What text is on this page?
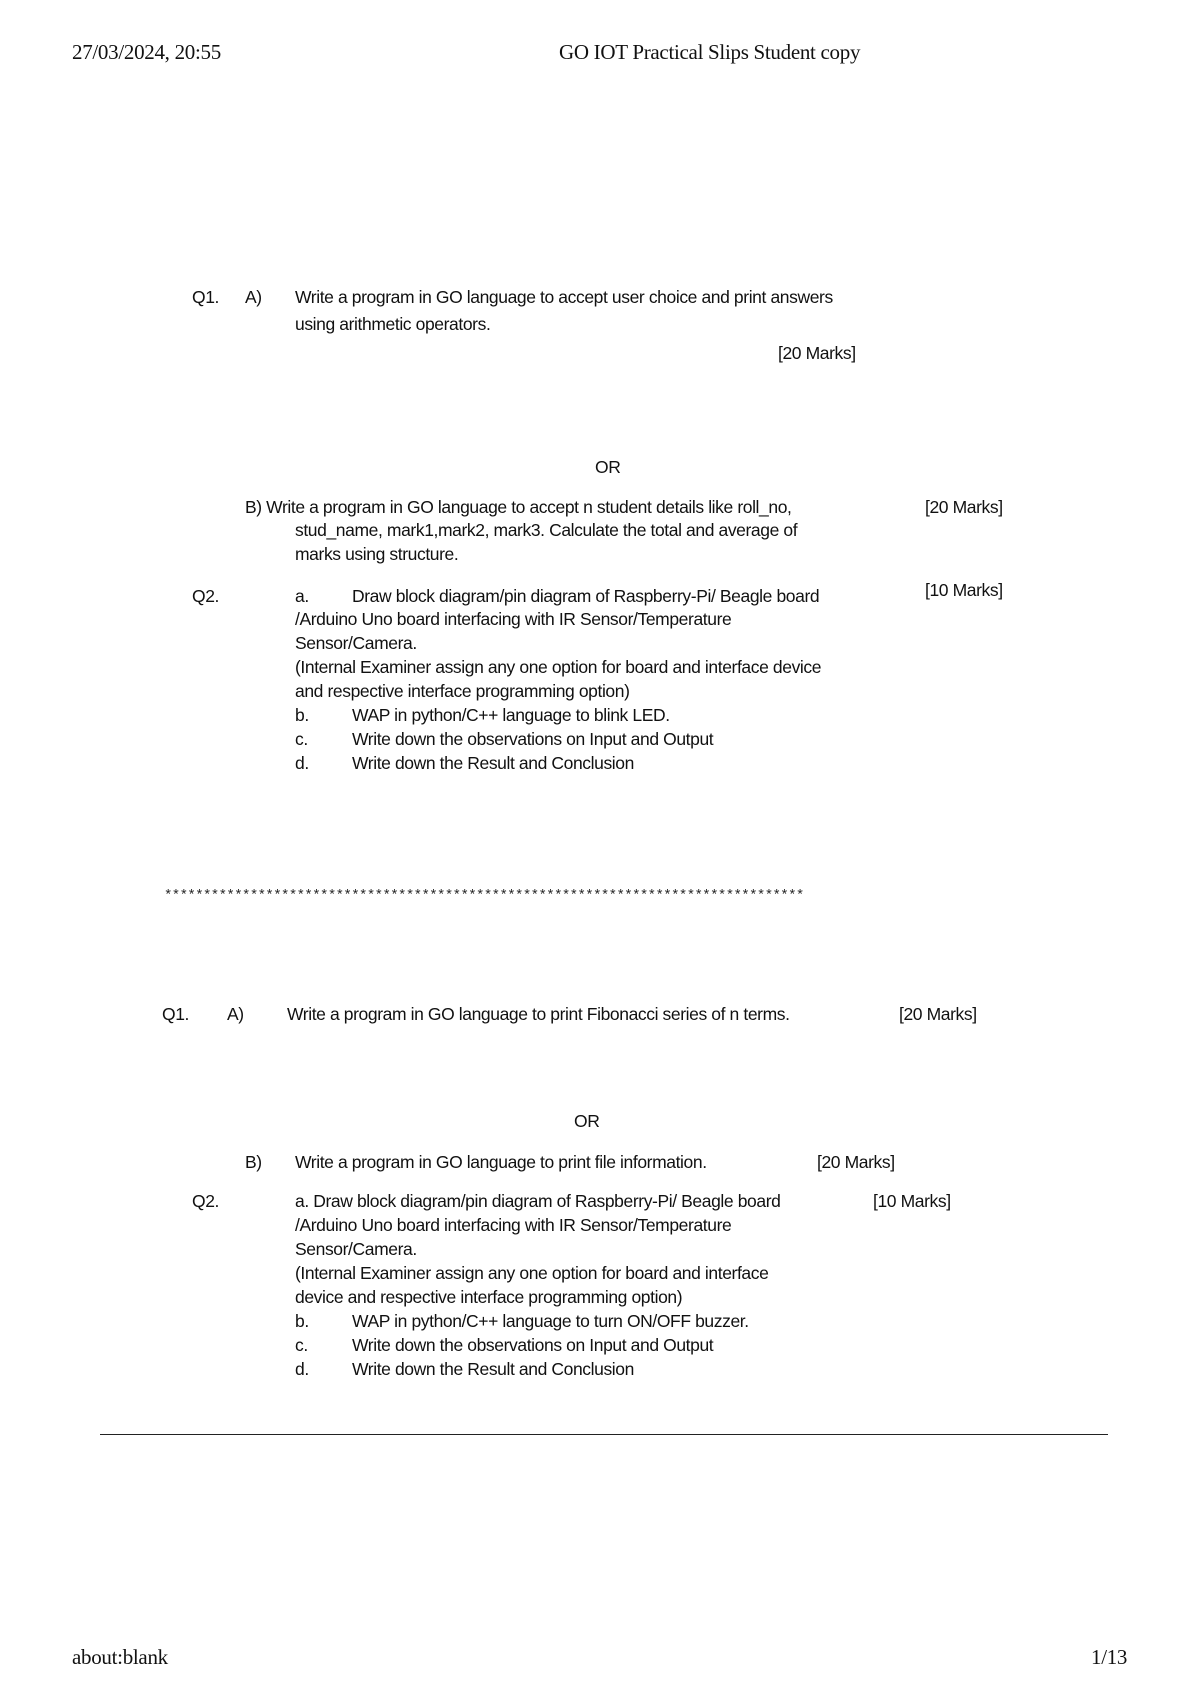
27/03/2024, 20:55	GO IOT Practical Slips Student copy
Q1. A) Write a program in GO language to accept user choice and print answers
using arithmetic operators.
[20 Marks]
OR
B) Write a program in GO language to accept n student details like roll_no,
stud_name, mark1,mark2, mark3. Calculate the total and average of
marks using structure.
[20 Marks]
Q2.	[10 Marks]
a. Draw block diagram/pin diagram of Raspberry-Pi/ Beagle board
/Arduino Uno board interfacing with IR Sensor/Temperature
Sensor/Camera.
(Internal Examiner assign any one option for board and interface device
and respective interface programming option)
b. WAP in python/C++ language to blink LED.
c.	Write down the observations on Input and Output
d. Write down the Result and Conclusion
**********************************************************************************
Q1. A) Write a program in GO language to print Fibonacci series of n terms.	[20 Marks]
OR
B) Write a program in GO language to print file information.	[20 Marks]
Q2.	[10 Marks]
a. Draw block diagram/pin diagram of Raspberry-Pi/ Beagle board
/Arduino Uno board interfacing with IR Sensor/Temperature
Sensor/Camera.
(Internal Examiner assign any one option for board and interface
device and respective interface programming option)
b. WAP in python/C++ language to turn ON/OFF buzzer.
c.	Write down the observations on Input and Output
d. Write down the Result and Conclusion
about:blank	1/13
